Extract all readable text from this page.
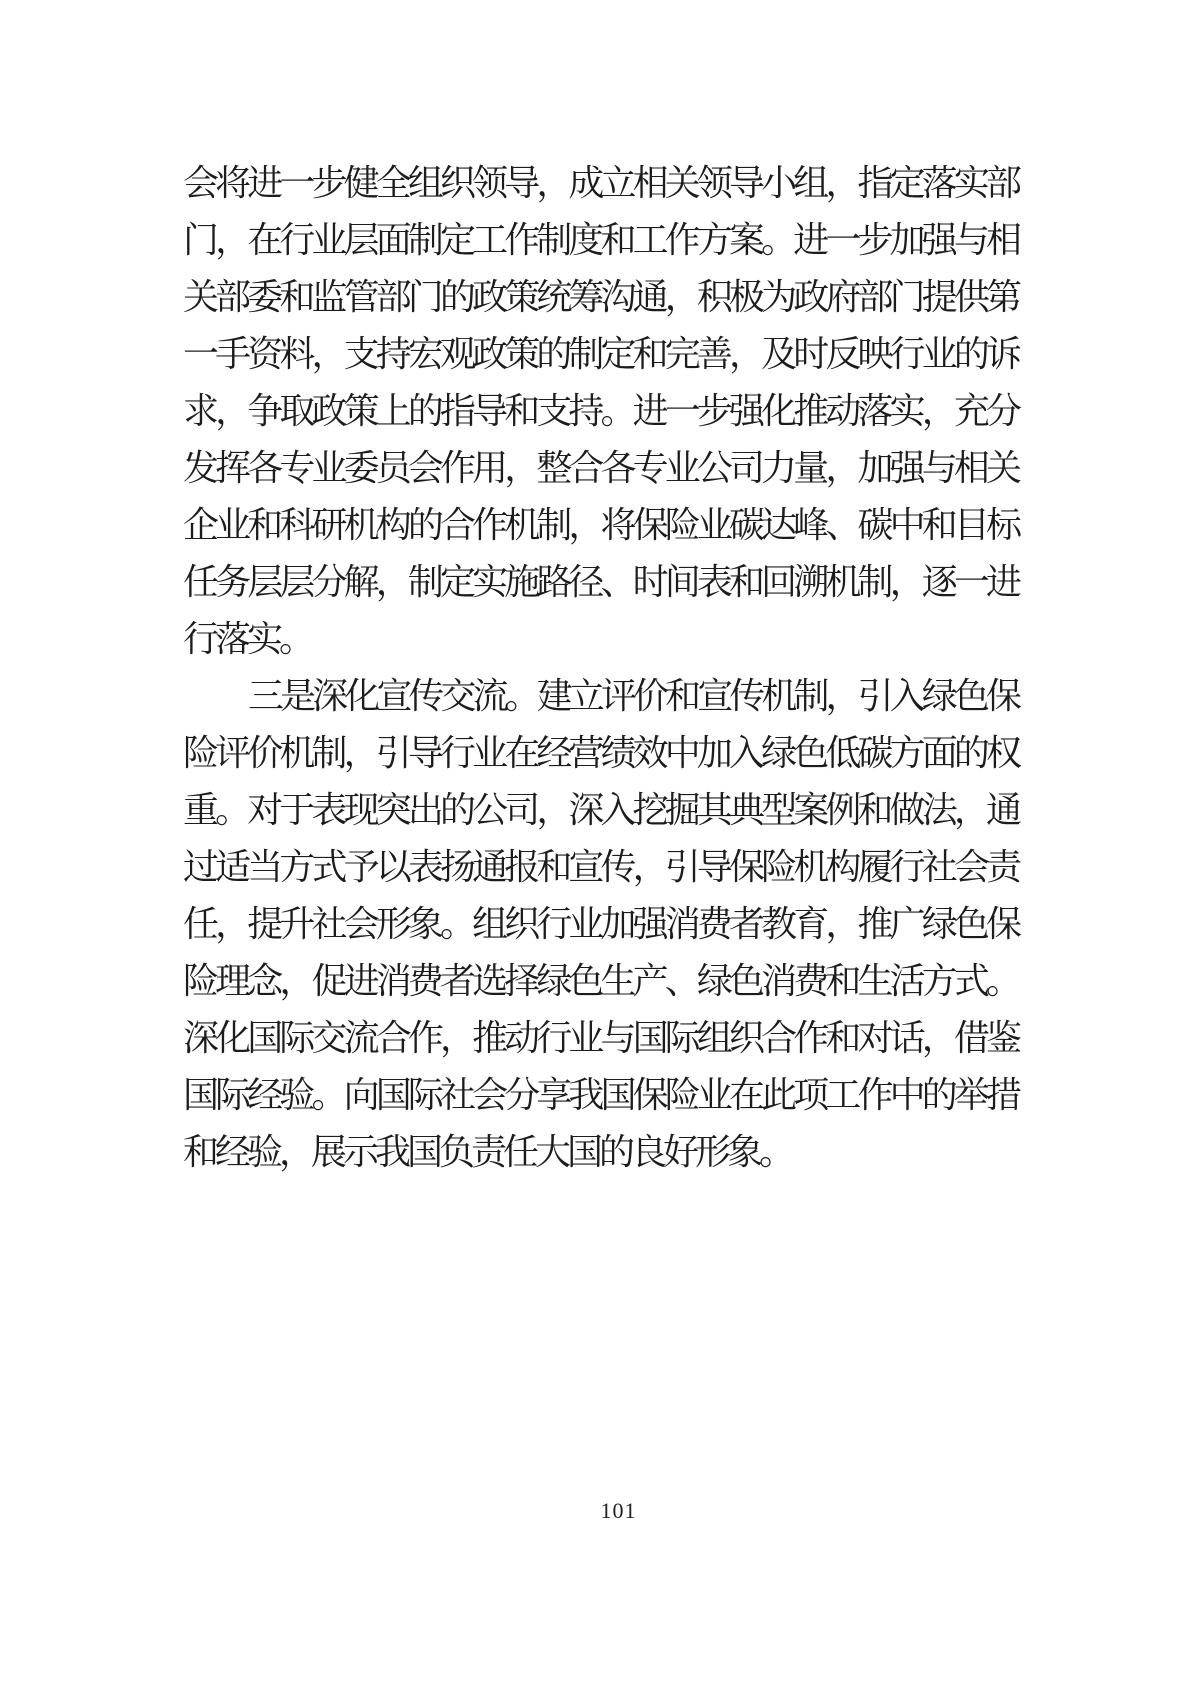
会将进一步健全组织领导，成立相关领导小组，指定落实部
门，在行业层面制定工作制度和工作方案。进一步加强与相
关部委和监管部门的政策统筹沟通，积极为政府部门提供第
一手资料，支持宏观政策的制定和完善，及时反映行业的诉
求，争取政策上的指导和支持。进一步强化推动落实，充分
发挥各专业委员会作用，整合各专业公司力量，加强与相关
企业和科研机构的合作机制，将保险业碳达峰、碳中和目标
任务层层分解，制定实施路径、时间表和回溯机制，逐一进
行落实。
三是深化宣传交流。建立评价和宣传机制，引入绿色保
险评价机制，引导行业在经营绩效中加入绿色低碳方面的权
重。对于表现突出的公司，深入挖掘其典型案例和做法，通
过适当方式予以表扬通报和宣传，引导保险机构履行社会责
任，提升社会形象。组织行业加强消费者教育，推广绿色保
险理念，促进消费者选择绿色生产、绿色消费和生活方式。
深化国际交流合作，推动行业与国际组织合作和对话，借鉴
国际经验。向国际社会分享我国保险业在此项工作中的举措
和经验，展示我国负责任大国的良好形象。
101
